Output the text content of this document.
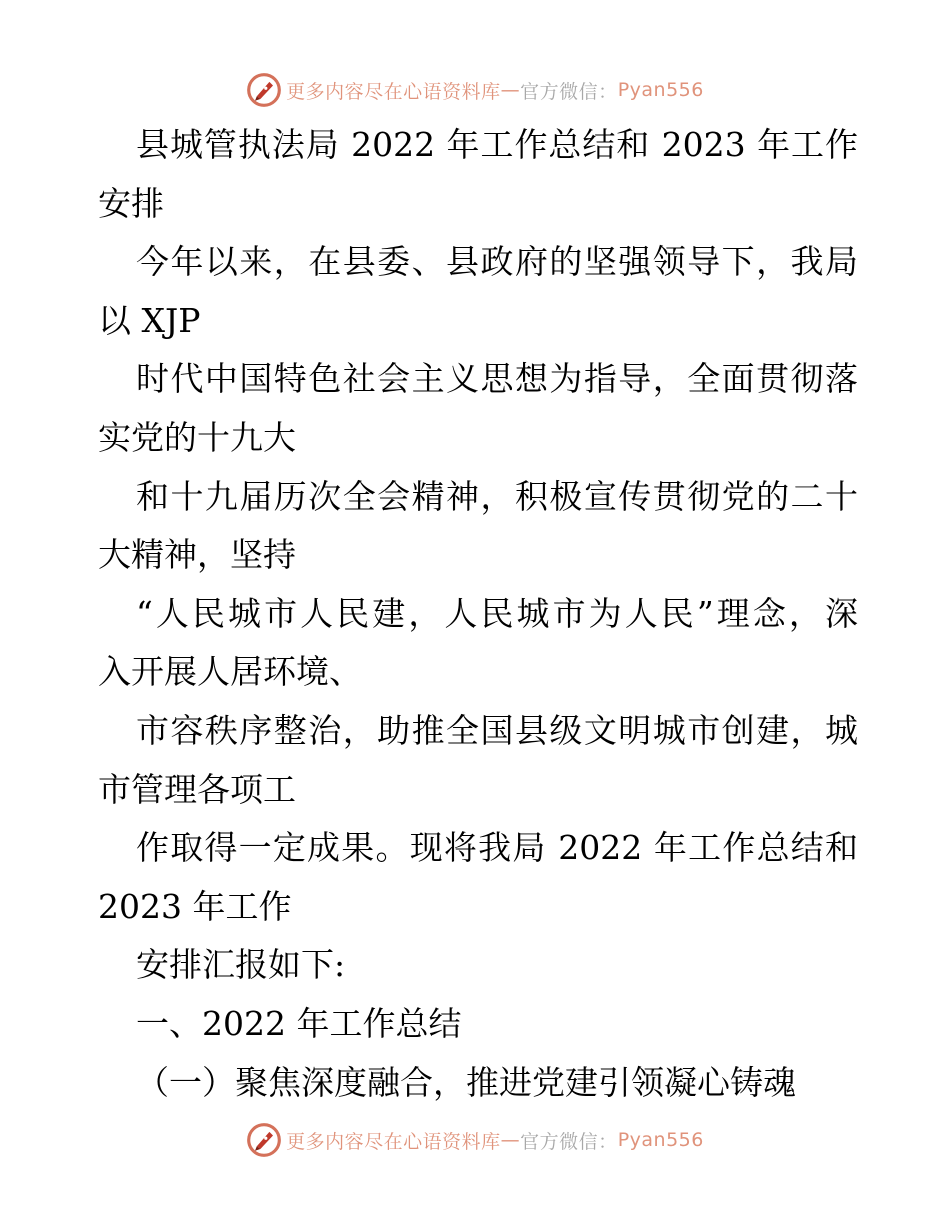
更多内容尽在心语资料库 — 官方微信： Pyan556
县城管执法局 2022 年工作总结和 2023 年工作
安排
今年以来，在县委、县政府的坚强领导下，我局
以 XJP
时代中国特色社会主义思想为指导，全面贯彻落
实党的十九大
和十九届历次全会精神，积极宣传贯彻党的二十
大精神，坚持
“人民城市人民建，人民城市为人民”理念，深
入开展人居环境、
市容秩序整治，助推全国县级文明城市创建，城
市管理各项工
作取得一定成果。现将我局 2022 年工作总结和
2023 年工作
安排汇报如下:
一、2022 年工作总结
（一）聚焦深度融合，推进党建引领凝心铸魂
更多内容尽在心语资料库 — 官方微信： Pyan556
